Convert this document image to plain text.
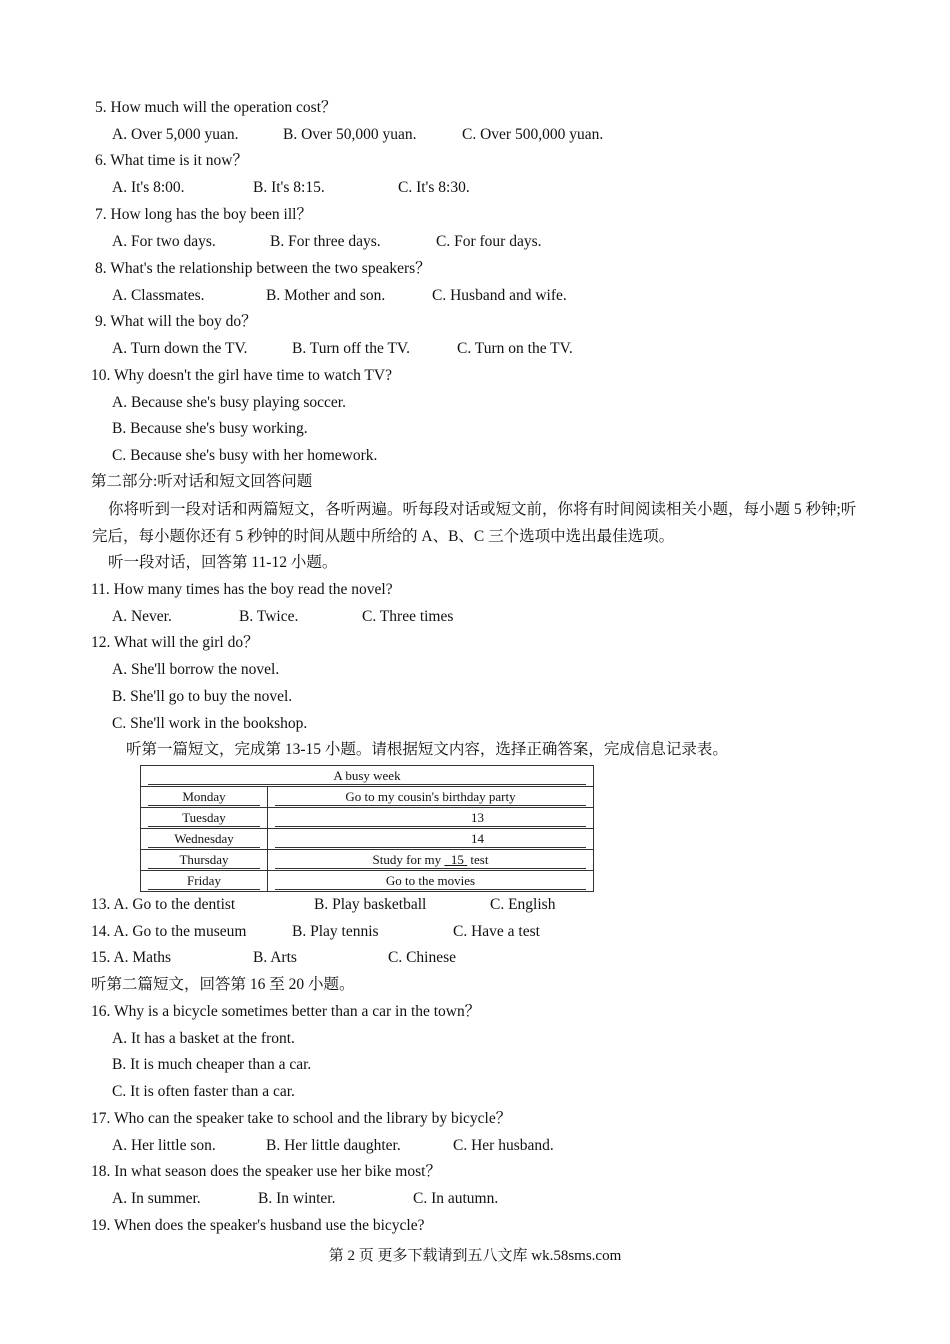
5. How much will the operation cost？
A. Over 5,000 yuan.	B. Over 50,000 yuan.	C. Over 500,000 yuan.
6. What time is it now？
A. It's 8:00.	B. It's 8:15.	C. It's 8:30.
7. How long has the boy been ill？
A. For two days.	B. For three days.	C. For four days.
8. What's the relationship between the two speakers？
A. Classmates.	B. Mother and son.	C. Husband and wife.
9. What will the boy do？
A. Turn down the TV.	B. Turn off the TV.	C. Turn on the TV.
10. Why doesn't the girl have time to watch TV?
A. Because she's busy playing soccer.
B. Because she's busy working.
C. Because she's busy with her homework.
第二部分:听对话和短文回答问题
你将听到一段对话和两篇短文，各听两遍。听每段对话或短文前，你将有时间阅读相关小题，每小题 5 秒钟;听完后，每小题你还有 5 秒钟的时间从题中所给的 A、B、C 三个选项中选出最佳选项。
听一段对话，回答第 11-12 小题。
11. How many times has the boy read the novel?
A. Never.	B. Twice.	C. Three times
12. What will the girl do？
A. She'll borrow the novel.
B. She'll go to buy the novel.
C. She'll work in the bookshop.
听第一篇短文，完成第 13-15 小题。请根据短文内容，选择正确答案，完成信息记录表。
A busy week	

Monday	Go to my cousin's birthday party

Tuesday	13

Wednesday	14

Thursday	Study for my   15  test

Friday	Go to the movies
13. A. Go to the dentist	B. Play basketball	C. English
14. A. Go to the museum	B. Play tennis	C. Have a test
15. A. Maths	B. Arts	C. Chinese
听第二篇短文，回答第 16 至 20 小题。
16. Why is a bicycle sometimes better than a car in the town？
A. It has a basket at the front.
B. It is much cheaper than a car.
C. It is often faster than a car.
17. Who can the speaker take to school and the library by bicycle？
A. Her little son.	B. Her little daughter.	C. Her husband.
18. In what season does the speaker use her bike most？
A. In summer.	B. In winter.	C. In autumn.
19. When does the speaker's husband use the bicycle?
第 2 页 更多下载请到五八文库 wk.58sms.com
